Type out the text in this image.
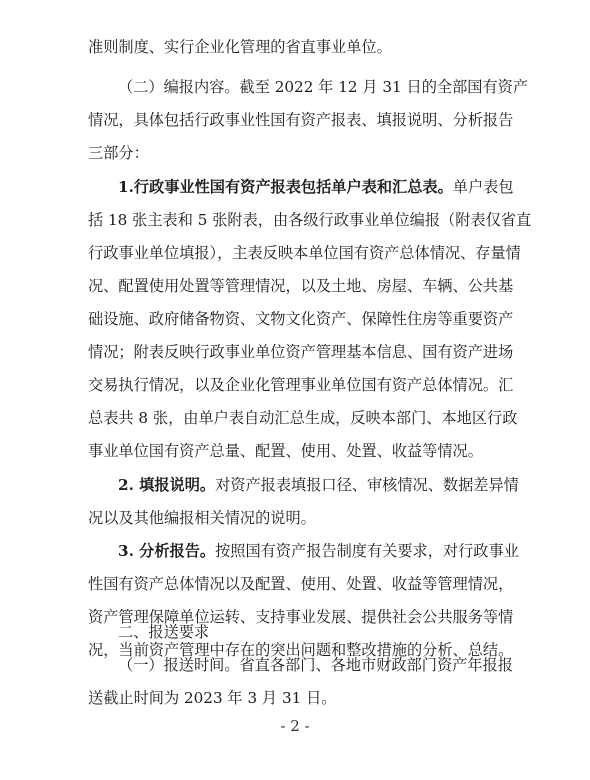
准则制度、实行企业化管理的省直事业单位。
（二）编报内容。截至 2022 年 12 月 31 日的全部国有资产
情况，具体包括行政事业性国有资产报表、填报说明、分析报告
三部分：
1.行政事业性国有资产报表包括单户表和汇总表。单户表包
括 18 张主表和 5 张附表，由各级行政事业单位编报（附表仅省直
行政事业单位填报），主表反映本单位国有资产总体情况、存量情
况、配置使用处置等管理情况，以及土地、房屋、车辆、公共基
础设施、政府储备物资、文物文化资产、保障性住房等重要资产
情况；附表反映行政事业单位资产管理基本信息、国有资产进场
交易执行情况，以及企业化管理事业单位国有资产总体情况。汇
总表共 8 张，由单户表自动汇总生成，反映本部门、本地区行政
事业单位国有资产总量、配置、使用、处置、收益等情况。
2. 填报说明。对资产报表填报口径、审核情况、数据差异情
况以及其他编报相关情况的说明。
3. 分析报告。按照国有资产报告制度有关要求，对行政事业
性国有资产总体情况以及配置、使用、处置、收益等管理情况，
资产管理保障单位运转、支持事业发展、提供社会公共服务等情
况，当前资产管理中存在的突出问题和整改措施的分析、总结。
二、报送要求
（一）报送时间。省直各部门、各地市财政部门资产年报报
送截止时间为 2023 年 3 月 31 日。
- 2 -
